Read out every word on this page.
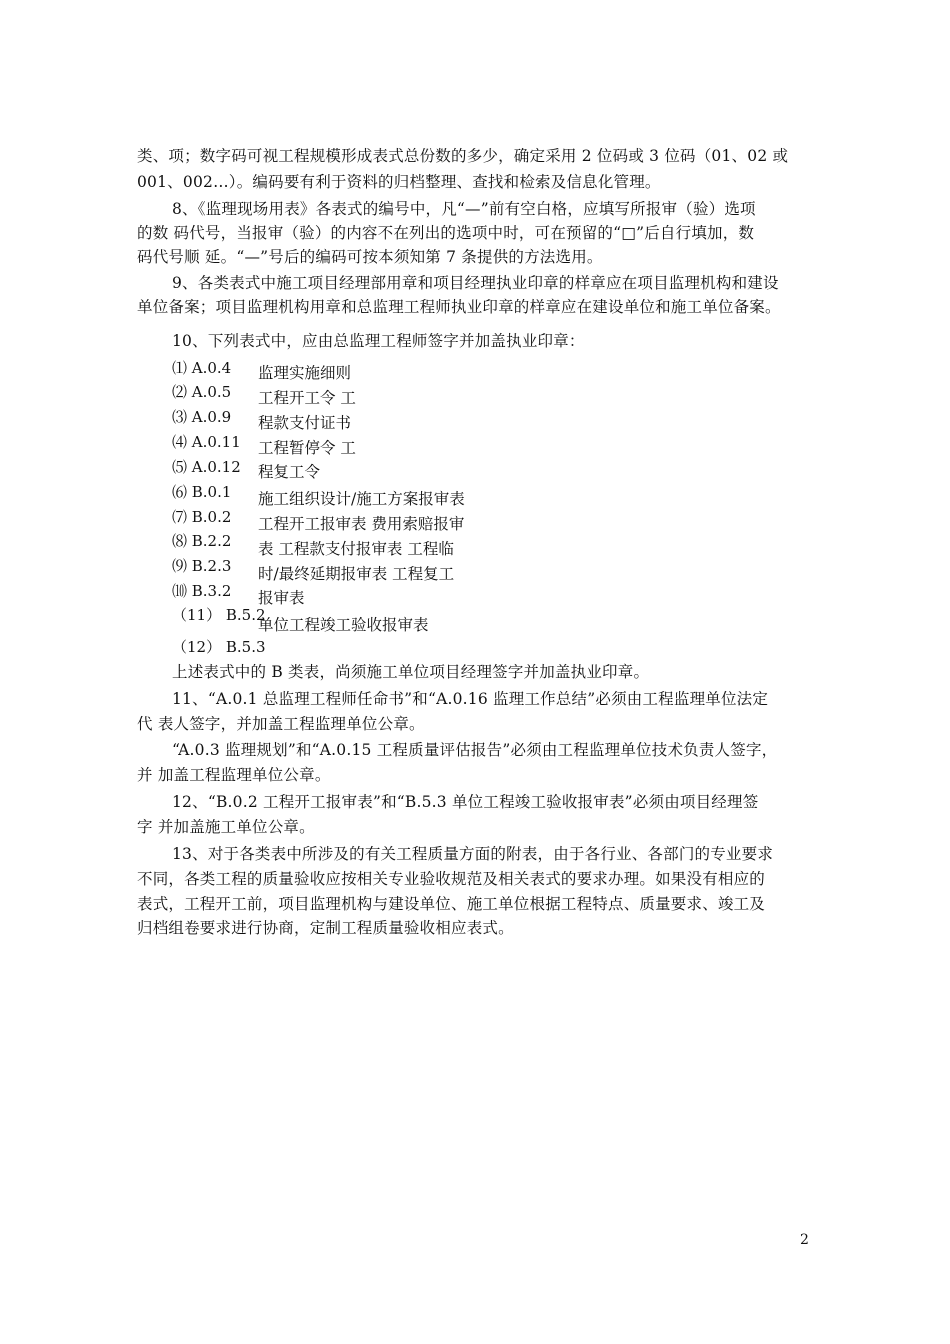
类、项；数字码可视工程规模形成表式总份数的多少，确定采用 2 位码或 3 位码（01、02 或
001、002…）。编码要有利于资料的归档整理、查找和检索及信息化管理。
8、《监理现场用表》各表式的编号中，凡“—”前有空白格，应填写所报审（验）选项
的数 码代号，当报审（验）的内容不在列出的选项中时，可在预留的“□”后自行填加，数
码代号顺 延。“—”号后的编码可按本须知第 7 条提供的方法选用。
9、各类表式中施工项目经理部用章和项目经理执业印章的样章应在项目监理机构和建设
单位备案；项目监理机构用章和总监理工程师执业印章的样章应在建设单位和施工单位备案。
10、下列表式中，应由总监理工程师签字并加盖执业印章：
⑴ A.0.4
⑵ A.0.5
⑶ A.0.9
⑷ A.0.11
⑸ A.0.12
⑹ B.0.1
⑺ B.0.2
⑻ B.2.2
⑼ B.2.3
⑽ B.3.2
（11） B.5.2
（12） B.5.3
监理实施细则
工程开工令 工
程款支付证书
工程暂停令 工
程复工令
施工组织设计/施工方案报审表
工程开工报审表 费用索赔报审
表 工程款支付报审表 工程临
时/最终延期报审表 工程复工
报审表
单位工程竣工验收报审表
上述表式中的 B 类表，尚须施工单位项目经理签字并加盖执业印章。
11、“A.0.1 总监理工程师任命书”和“A.0.16 监理工作总结”必须由工程监理单位法定
代 表人签字，并加盖工程监理单位公章。
“A.0.3 监理规划”和“A.0.15 工程质量评估报告”必须由工程监理单位技术负责人签字，
并 加盖工程监理单位公章。
12、“B.0.2 工程开工报审表”和“B.5.3 单位工程竣工验收报审表”必须由项目经理签
字 并加盖施工单位公章。
13、对于各类表中所涉及的有关工程质量方面的附表，由于各行业、各部门的专业要求
不同，各类工程的质量验收应按相关专业验收规范及相关表式的要求办理。如果没有相应的
表式，工程开工前，项目监理机构与建设单位、施工单位根据工程特点、质量要求、竣工及
归档组卷要求进行协商，定制工程质量验收相应表式。
2
